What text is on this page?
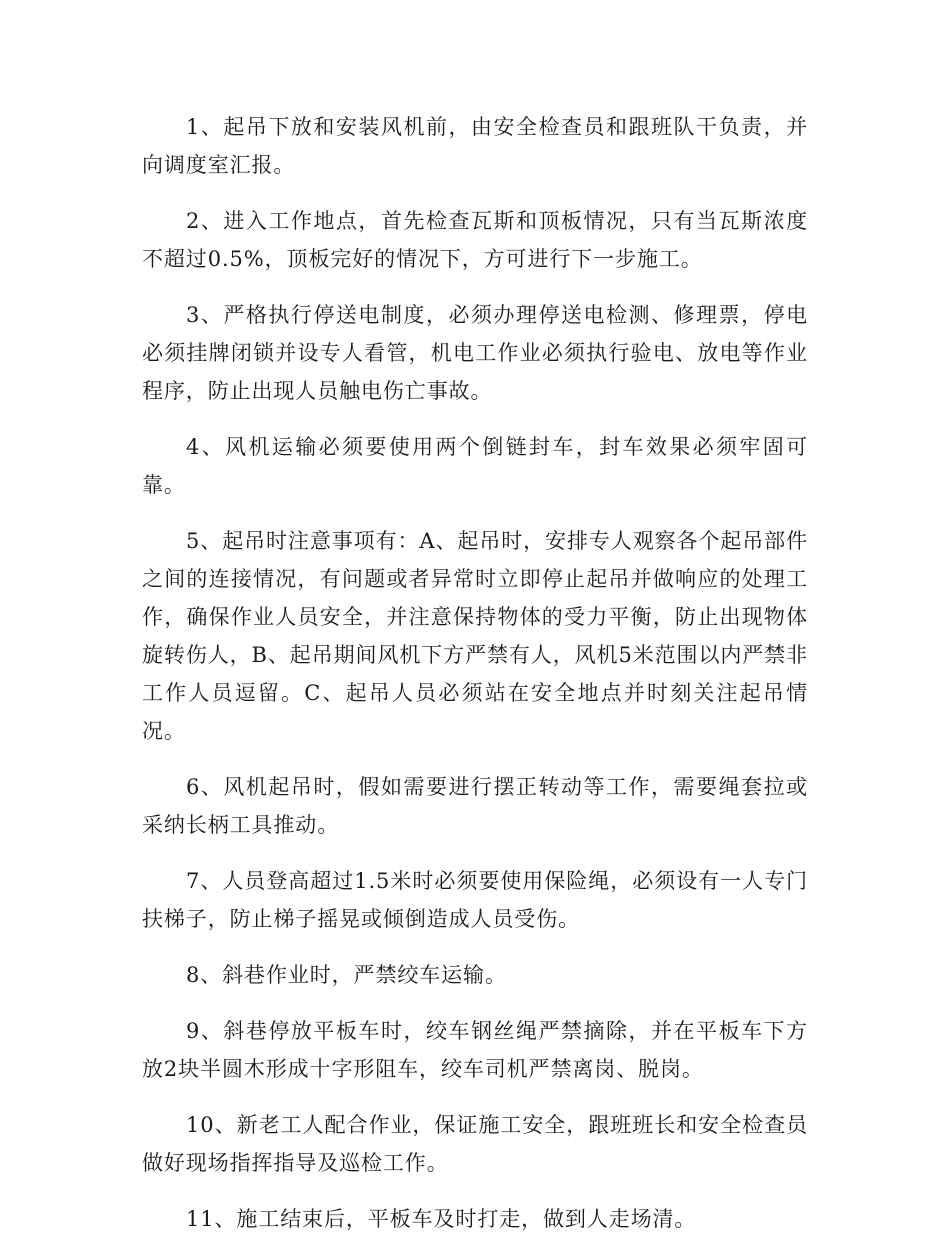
1、起吊下放和安装风机前，由安全检查员和跟班队干负责，并向调度室汇报。

2、进入工作地点，首先检查瓦斯和顶板情况，只有当瓦斯浓度不超过0.5%，顶板完好的情况下，方可进行下一步施工。

3、严格执行停送电制度，必须办理停送电检测、修理票，停电必须挂牌闭锁并设专人看管，机电工作业必须执行验电、放电等作业程序，防止出现人员触电伤亡事故。

4、风机运输必须要使用两个倒链封车，封车效果必须牢固可靠。

5、起吊时注意事项有：A、起吊时，安排专人观察各个起吊部件之间的连接情况，有问题或者异常时立即停止起吊并做响应的处理工作，确保作业人员安全，并注意保持物体的受力平衡，防止出现物体旋转伤人，B、起吊期间风机下方严禁有人，风机5米范围以内严禁非工作人员逗留。C、起吊人员必须站在安全地点并时刻关注起吊情况。

6、风机起吊时，假如需要进行摆正转动等工作，需要绳套拉或采纳长柄工具推动。

7、人员登高超过1.5米时必须要使用保险绳，必须设有一人专门扶梯子，防止梯子摇晃或倾倒造成人员受伤。

8、斜巷作业时，严禁绞车运输。

9、斜巷停放平板车时，绞车钢丝绳严禁摘除，并在平板车下方放2块半圆木形成十字形阻车，绞车司机严禁离岗、脱岗。

10、新老工人配合作业，保证施工安全，跟班班长和安全检查员做好现场指挥指导及巡检工作。

11、施工结束后，平板车及时打走，做到人走场清。
